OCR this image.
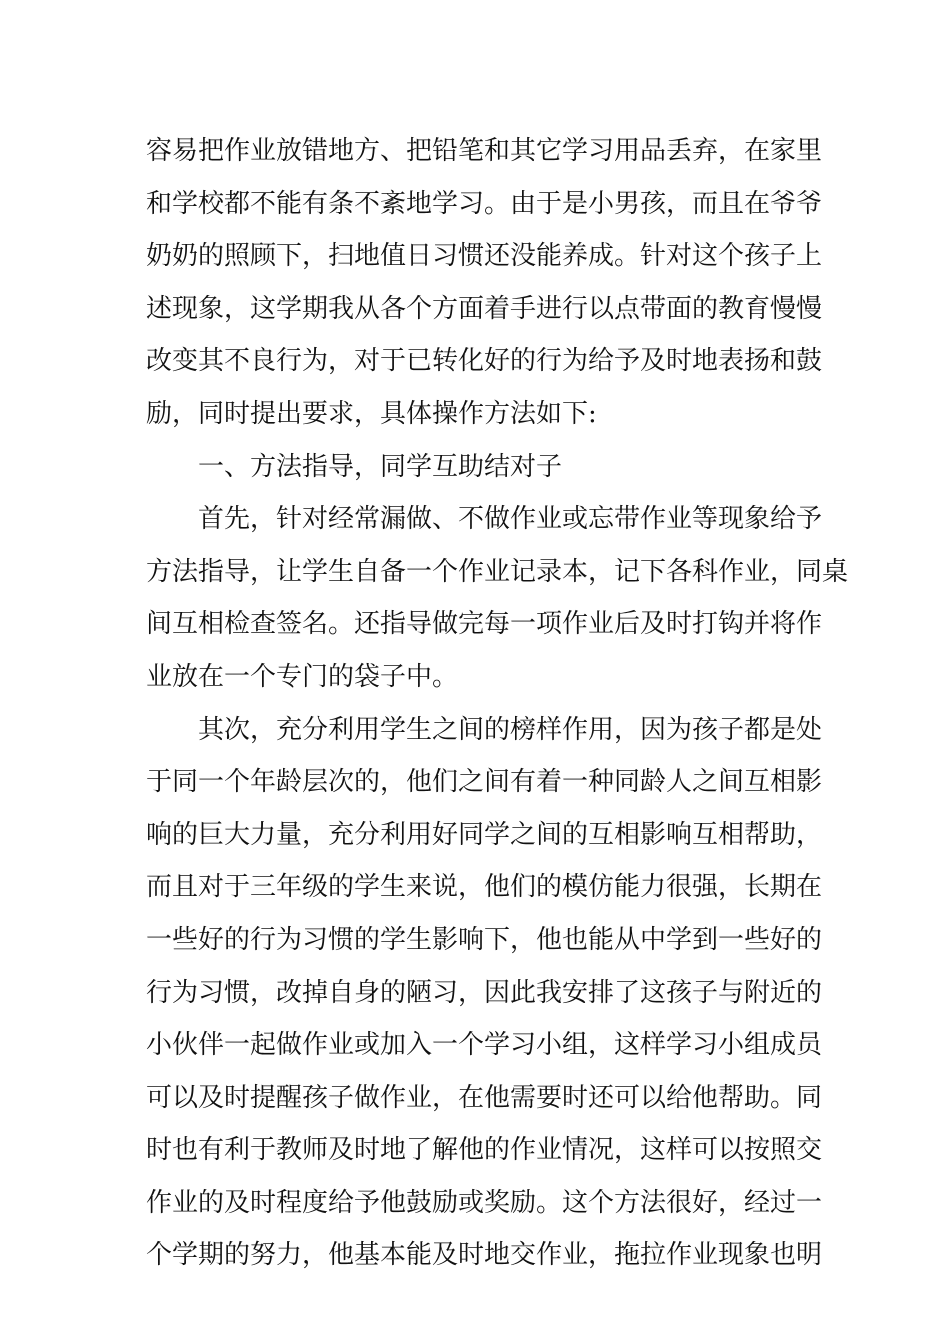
容易把作业放错地方、把铅笔和其它学习用品丢弃，在家里
和学校都不能有条不紊地学习。由于是小男孩，而且在爷爷
奶奶的照顾下，扫地值日习惯还没能养成。针对这个孩子上
述现象，这学期我从各个方面着手进行以点带面的教育慢慢
改变其不良行为，对于已转化好的行为给予及时地表扬和鼓
励，同时提出要求，具体操作方法如下:
一、方法指导，同学互助结对子
首先，针对经常漏做、不做作业或忘带作业等现象给予
方法指导，让学生自备一个作业记录本，记下各科作业，同桌
间互相检查签名。还指导做完每一项作业后及时打钩并将作
业放在一个专门的袋子中。
其次，充分利用学生之间的榜样作用，因为孩子都是处
于同一个年龄层次的，他们之间有着一种同龄人之间互相影
响的巨大力量，充分利用好同学之间的互相影响互相帮助，
而且对于三年级的学生来说，他们的模仿能力很强，长期在
一些好的行为习惯的学生影响下，他也能从中学到一些好的
行为习惯，改掉自身的陋习，因此我安排了这孩子与附近的
小伙伴一起做作业或加入一个学习小组，这样学习小组成员
可以及时提醒孩子做作业，在他需要时还可以给他帮助。同
时也有利于教师及时地了解他的作业情况，这样可以按照交
作业的及时程度给予他鼓励或奖励。这个方法很好，经过一
个学期的努力，他基本能及时地交作业，拖拉作业现象也明
